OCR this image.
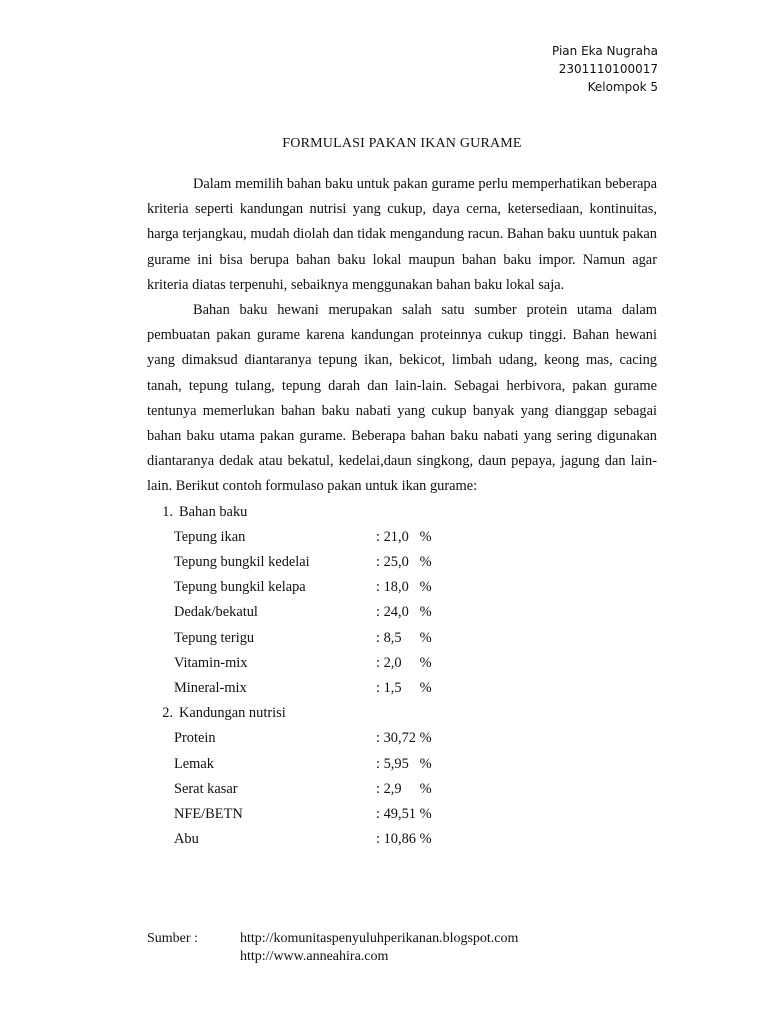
Pian Eka Nugraha
2301110100017
Kelompok 5
FORMULASI PAKAN IKAN GURAME

Dalam memilih bahan baku untuk pakan gurame perlu memperhatikan beberapa kriteria seperti kandungan nutrisi yang cukup, daya cerna, ketersediaan, kontinuitas, harga terjangkau, mudah diolah dan tidak mengandung racun. Bahan baku uuntuk pakan gurame ini bisa berupa bahan baku lokal maupun bahan baku impor. Namun agar kriteria diatas terpenuhi, sebaiknya menggunakan bahan baku lokal saja.

Bahan baku hewani merupakan salah satu sumber protein utama dalam pembuatan pakan gurame karena kandungan proteinnya cukup tinggi. Bahan hewani yang dimaksud diantaranya tepung ikan, bekicot, limbah udang, keong mas, cacing tanah, tepung tulang, tepung darah dan lain-lain. Sebagai herbivora, pakan gurame tentunya memerlukan bahan baku nabati yang cukup banyak yang dianggap sebagai bahan baku utama pakan gurame. Beberapa bahan baku nabati yang sering digunakan diantaranya dedak atau bekatul, kedelai,daun singkong, daun pepaya, jagung dan lain-lain. Berikut contoh formulaso pakan untuk ikan gurame:

1. Bahan baku
Tepung ikan	: 21,0   %
Tepung bungkil kedelai	: 25,0   %
Tepung bungkil kelapa	: 18,0   %
Dedak/bekatul	: 24,0   %
Tepung terigu	: 8,5     %
Vitamin-mix	: 2,0     %
Mineral-mix	: 1,5     %
2. Kandungan nutrisi
Protein	: 30,72 %
Lemak	: 5,95   %
Serat kasar	: 2,9     %
NFE/BETN	: 49,51 %
Abu	: 10,86 %
Sumber :	http://komunitaspenyuluhperikanan.blogspot.com
http://www.anneahira.com
